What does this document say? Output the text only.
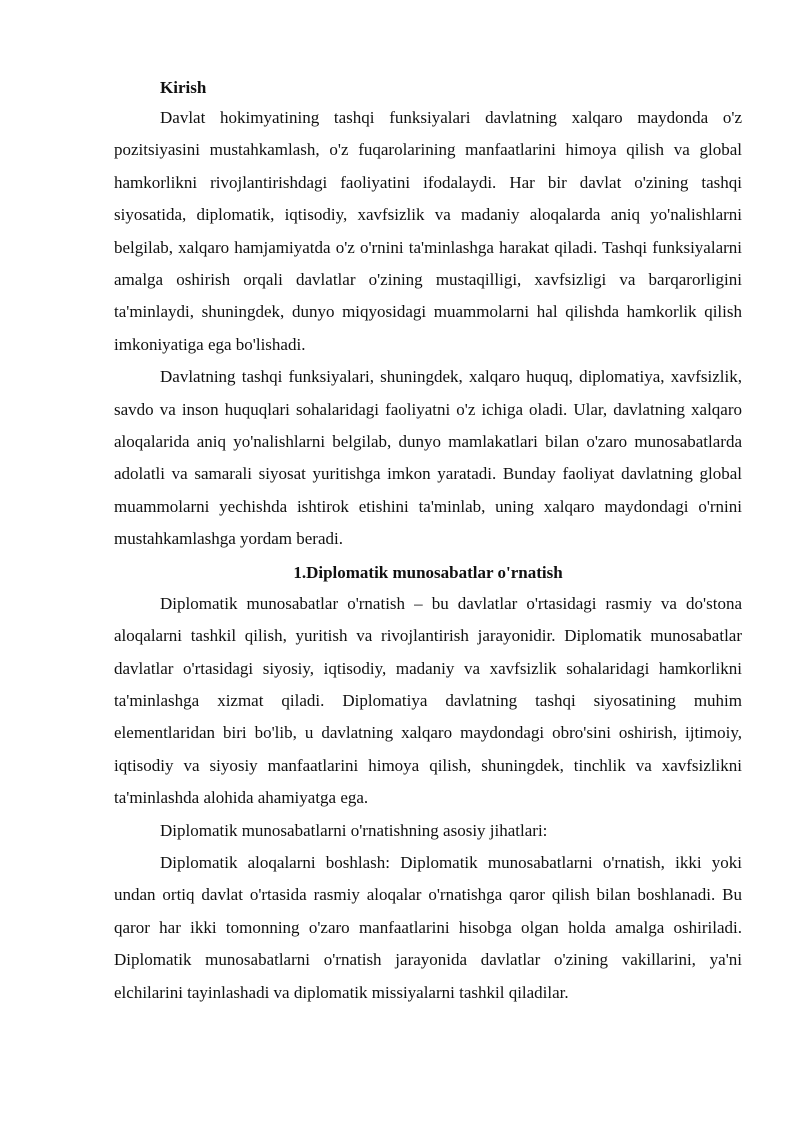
Kirish

Davlat hokimyatining tashqi funksiyalari davlatning xalqaro maydonda o'z pozitsiyasini mustahkamlash, o'z fuqarolarining manfaatlarini himoya qilish va global hamkorlikni rivojlantirishdagi faoliyatini ifodalaydi. Har bir davlat o'zining tashqi siyosatida, diplomatik, iqtisodiy, xavfsizlik va madaniy aloqalarda aniq yo'nalishlarni belgilab, xalqaro hamjamiyatda o'z o'rnini ta'minlashga harakat qiladi. Tashqi funksiyalarni amalga oshirish orqali davlatlar o'zining mustaqilligi, xavfsizligi va barqarorligini ta'minlaydi, shuningdek, dunyo miqyosidagi muammolarni hal qilishda hamkorlik qilish imkoniyatiga ega bo'lishadi.

Davlatning tashqi funksiyalari, shuningdek, xalqaro huquq, diplomatiya, xavfsizlik, savdo va inson huquqlari sohalaridagi faoliyatni o'z ichiga oladi. Ular, davlatning xalqaro aloqalarida aniq yo'nalishlarni belgilab, dunyo mamlakatlari bilan o'zaro munosabatlarda adolatli va samarali siyosat yuritishga imkon yaratadi. Bunday faoliyat davlatning global muammolarni yechishda ishtirok etishini ta'minlab, uning xalqaro maydondagi o'rnini mustahkamlashga yordam beradi.

1.Diplomatik munosabatlar o'rnatish

Diplomatik munosabatlar o'rnatish – bu davlatlar o'rtasidagi rasmiy va do'stona aloqalarni tashkil qilish, yuritish va rivojlantirish jarayonidir. Diplomatik munosabatlar davlatlar o'rtasidagi siyosiy, iqtisodiy, madaniy va xavfsizlik sohalaridagi hamkorlikni ta'minlashga xizmat qiladi. Diplomatiya davlatning tashqi siyosatining muhim elementlaridan biri bo'lib, u davlatning xalqaro maydondagi obro'sini oshirish, ijtimoiy, iqtisodiy va siyosiy manfaatlarini himoya qilish, shuningdek, tinchlik va xavfsizlikni ta'minlashda alohida ahamiyatga ega.

Diplomatik munosabatlarni o'rnatishning asosiy jihatlari:

Diplomatik aloqalarni boshlash: Diplomatik munosabatlarni o'rnatish, ikki yoki undan ortiq davlat o'rtasida rasmiy aloqalar o'rnatishga qaror qilish bilan boshlanadi. Bu qaror har ikki tomonning o'zaro manfaatlarini hisobga olgan holda amalga oshiriladi. Diplomatik munosabatlarni o'rnatish jarayonida davlatlar o'zining vakillarini, ya'ni elchilarini tayinlashadi va diplomatik missiyalarni tashkil qiladilar.
